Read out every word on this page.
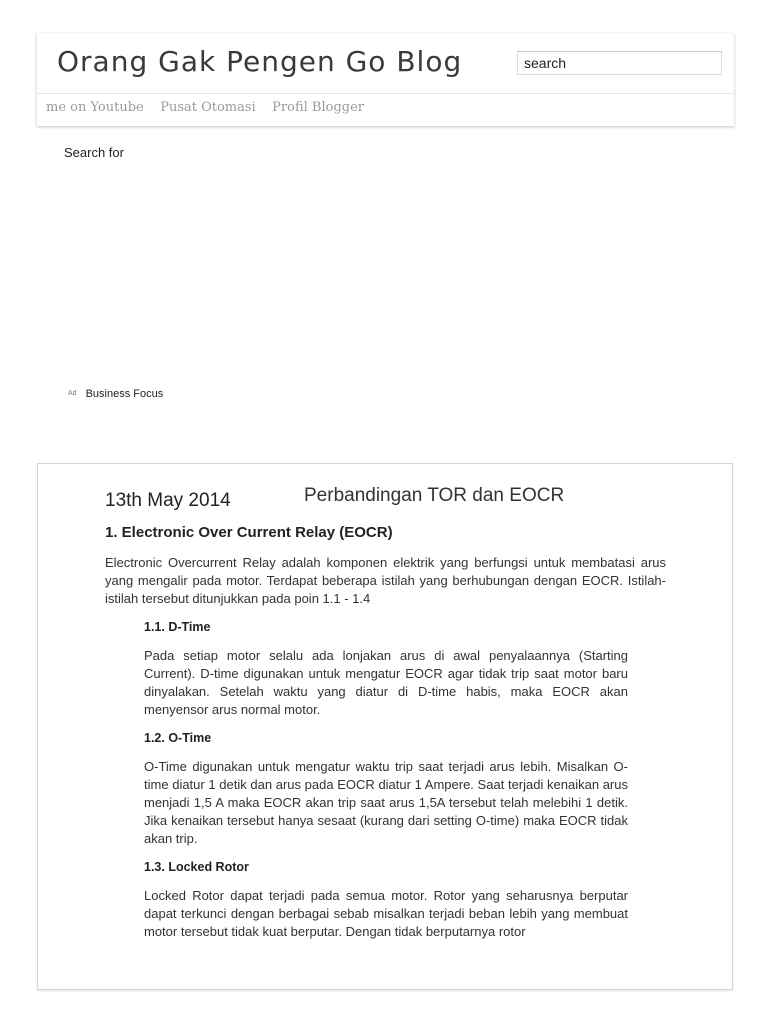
Orang Gak Pengen Go Blog
search
me on Youtube Pusat Otomasi Profil Blogger
Search for
Ad Business Focus
13th May 2014	Perbandingan TOR dan EOCR
1. Electronic Over Current Relay (EOCR)

Electronic Overcurrent Relay adalah komponen elektrik yang berfungsi untuk membatasi arus yang mengalir pada motor. Terdapat beberapa istilah yang berhubungan dengan EOCR. Istilah-istilah tersebut ditunjukkan pada poin 1.1 - 1.4

1.1. D-Time

Pada setiap motor selalu ada lonjakan arus di awal penyalaannya (Starting Current). D-time digunakan untuk mengatur EOCR agar tidak trip saat motor baru dinyalakan. Setelah waktu yang diatur di D-time habis, maka EOCR akan menyensor arus normal motor.

1.2. O-Time

O-Time digunakan untuk mengatur waktu trip saat terjadi arus lebih. Misalkan O-time diatur 1 detik dan arus pada EOCR diatur 1 Ampere. Saat terjadi kenaikan arus menjadi 1,5 A maka EOCR akan trip saat arus 1,5A tersebut telah melebihi 1 detik. Jika kenaikan tersebut hanya sesaat (kurang dari setting O-time) maka EOCR tidak akan trip.

1.3. Locked Rotor

Locked Rotor dapat terjadi pada semua motor. Rotor yang seharusnya berputar dapat terkunci dengan berbagai sebab misalkan terjadi beban lebih yang membuat motor tersebut tidak kuat berputar. Dengan tidak berputarnya rotor
